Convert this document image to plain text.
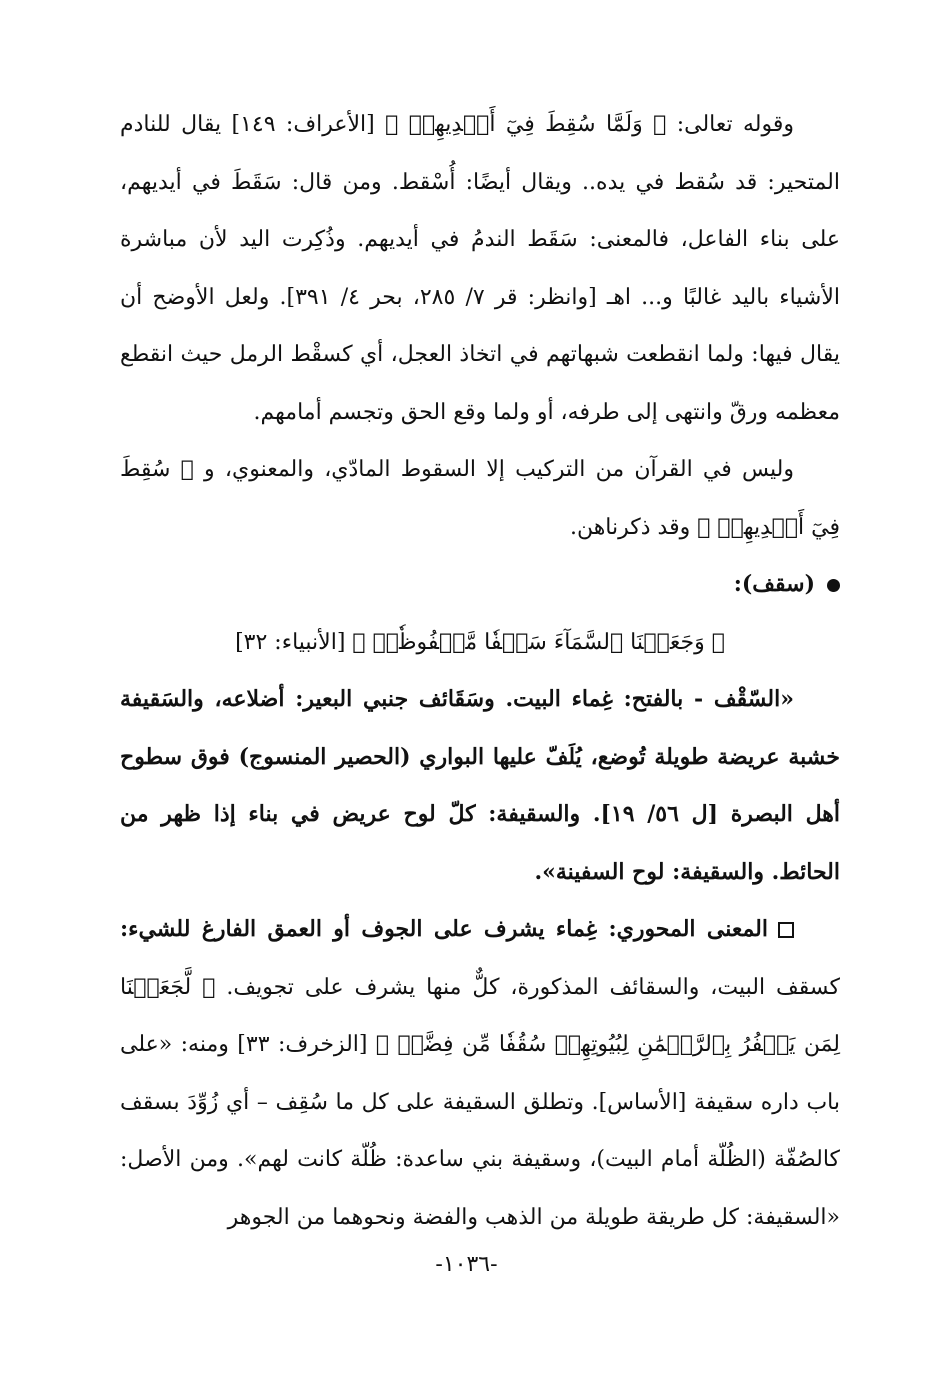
وقوله تعالى: ﴿ وَلَمَّا سُقِطَ فِيٓ أَيۡدِيهِمۡ ﴾ [الأعراف: ١٤٩] يقال للنادم المتحير: قد سُقط في يده.. ويقال أيضًا: أُسْقط. ومن قال: سَقَطَ في أيديهم، على بناء الفاعل، فالمعنى: سَقَط الندمُ في أيديهم. وذُكِرت اليد لأن مباشرة الأشياء باليد غالبًا و... اهـ [وانظر: قر ٧/ ٢٨٥، بحر ٤/ ٣٩١]. ولعل الأوضح أن يقال فيها: ولما انقطعت شبهاتهم في اتخاذ العجل، أي كسقْط الرمل حيث انقطع معظمه ورقّ وانتهى إلى طرفه، أو ولما وقع الحق وتجسم أمامهم.

وليس في القرآن من التركيب إلا السقوط المادّي، والمعنوي، و ﴿ سُقِطَ فِيٓ أَيۡدِيهِمۡ ﴾ وقد ذكرناهن.

(سقف):

﴿ وَجَعَلۡنَا ٱلسَّمَآءَ سَقۡفٗا مَّحۡفُوظٗاۖ ﴾ [الأنبياء: ٣٢]

«السّقْف - بالفتح: غِماء البيت. وسَقَائف جنبي البعير: أضلاعه، والسَقيفة خشبة عريضة طويلة تُوضع، يُلَفّ عليها البواري (الحصير المنسوج) فوق سطوح أهل البصرة [ل ٥٦/ ١٩]. والسقيفة: كلّ لوح عريض في بناء إذا ظهر من الحائط. والسقيفة: لوح السفينة».

المعنى المحوري: غِماء يشرف على الجوف أو العمق الفارغ للشيء: كسقف البيت، والسقائف المذكورة، كلٌّ منها يشرف على تجويف. ﴿ لَّجَعَلۡنَا لِمَن يَكۡفُرُ بِٱلرَّحۡمَٰنِ لِبُيُوتِهِمۡ سُقُفٗا مِّن فِضَّةٖ ﴾ [الزخرف: ٣٣] ومنه: «على باب داره سقيفة [الأساس]. وتطلق السقيفة على كل ما سُقِف – أي زُوِّدَ بسقف كالصُفّة (الظُلّة أمام البيت)، وسقيفة بني ساعدة: ظُلّة كانت لهم». ومن الأصل: «السقيفة: كل طريقة طويلة من الذهب والفضة ونحوهما من الجوهر

-١٠٣٦-
